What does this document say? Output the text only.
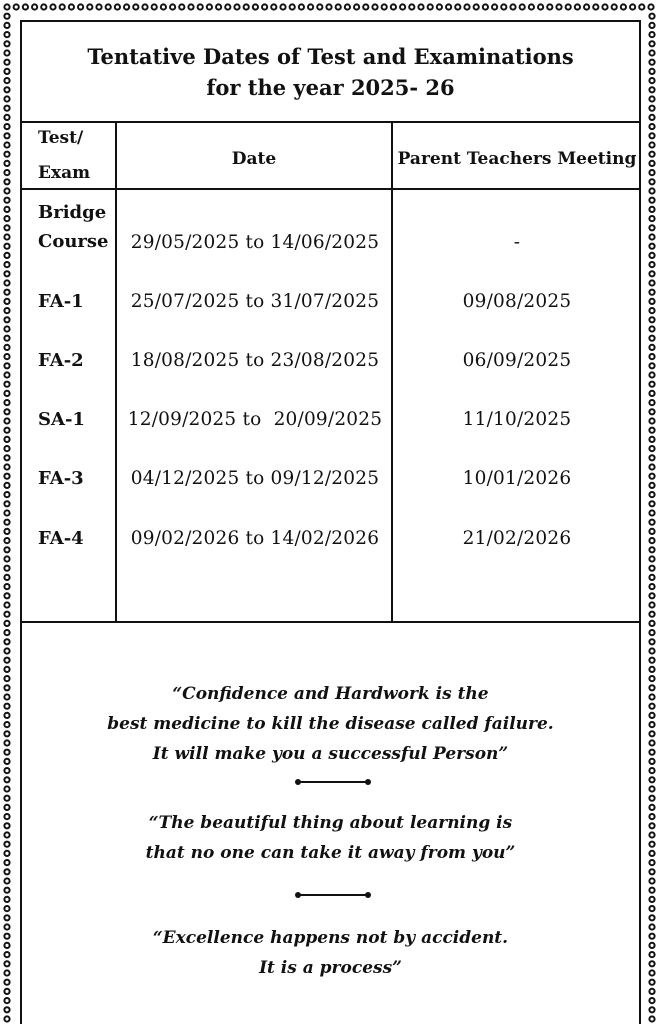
Tentative Dates of Test and Examinations
for the year 2025- 26
Test/
Exam
Date	Parent Teachers Meeting
Bridge
Course	29/05/2025 to 14/06/2025	-
FA-1	25/07/2025 to 31/07/2025	09/08/2025
FA-2	18/08/2025 to 23/08/2025	06/09/2025
SA-1	12/09/2025 to  20/09/2025	11/10/2025
FA-3	04/12/2025 to 09/12/2025	10/01/2026
FA-4	09/02/2026 to 14/02/2026	21/02/2026
“Confidence and Hardwork is the
best medicine to kill the disease called failure.
It will make you a successful Person”
“The beautiful thing about learning is
that no one can take it away from you”
“Excellence happens not by accident.
It is a process”
